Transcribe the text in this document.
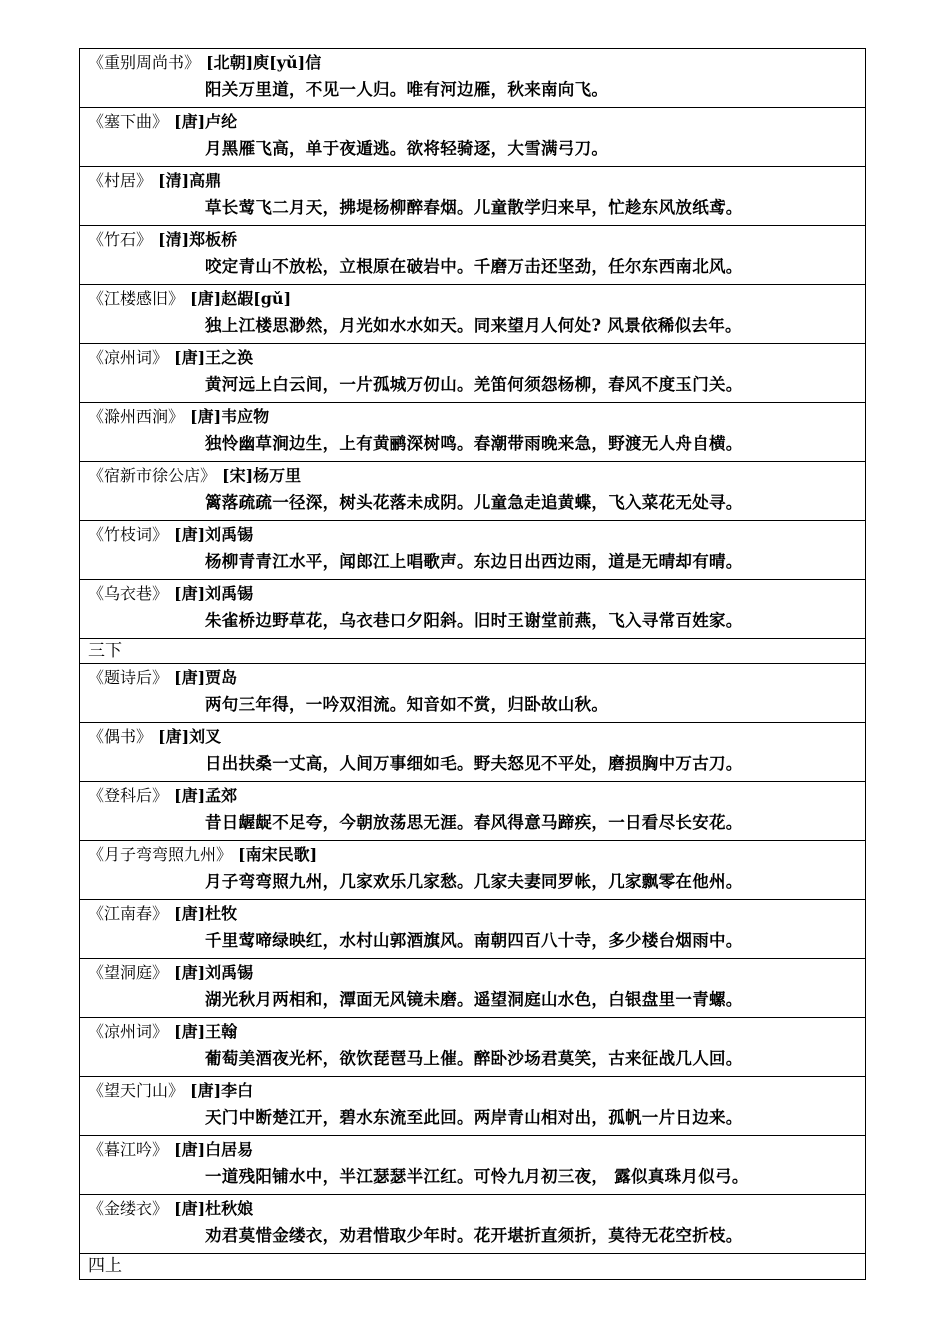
《重别周尚书》 [北朝]庾[yǔ]信
阳关万里道，不见一人归。唯有河边雁，秋来南向飞。
《塞下曲》 [唐]卢纶
月黑雁飞高，单于夜遁逃。欲将轻骑逐，大雪满弓刀。
《村居》 [清]高鼎
草长莺飞二月天，拂堤杨柳醉春烟。儿童散学归来早，忙趁东风放纸鸢。
《竹石》 [清]郑板桥
咬定青山不放松，立根原在破岩中。千磨万击还坚劲，任尔东西南北风。
《江楼感旧》 [唐]赵嘏[gǔ]
独上江楼思渺然，月光如水水如天。同来望月人何处? 风景依稀似去年。
《凉州词》 [唐]王之涣
黄河远上白云间，一片孤城万仞山。羌笛何须怨杨柳，春风不度玉门关。
《滁州西涧》 [唐]韦应物
独怜幽草涧边生，上有黄鹂深树鸣。春潮带雨晚来急，野渡无人舟自横。
《宿新市徐公店》 [宋]杨万里
篱落疏疏一径深，树头花落未成阴。儿童急走追黄蝶，飞入菜花无处寻。
《竹枝词》 [唐]刘禹锡
杨柳青青江水平，闻郎江上唱歌声。东边日出西边雨，道是无晴却有晴。
《乌衣巷》 [唐]刘禹锡
朱雀桥边野草花，乌衣巷口夕阳斜。旧时王谢堂前燕，飞入寻常百姓家。
三下
《题诗后》 [唐]贾岛
两句三年得，一吟双泪流。知音如不赏，归卧故山秋。
《偶书》 [唐]刘叉
日出扶桑一丈高，人间万事细如毛。野夫怒见不平处，磨损胸中万古刀。
《登科后》 [唐]孟郊
昔日龌龊不足夸，今朝放荡思无涯。春风得意马蹄疾，一日看尽长安花。
《月子弯弯照九州》 [南宋民歌]
月子弯弯照九州，几家欢乐几家愁。几家夫妻同罗帐，几家飘零在他州。
《江南春》 [唐]杜牧
千里莺啼绿映红，水村山郭酒旗风。南朝四百八十寺，多少楼台烟雨中。
《望洞庭》 [唐]刘禹锡
湖光秋月两相和，潭面无风镜未磨。遥望洞庭山水色，白银盘里一青螺。
《凉州词》 [唐]王翰
葡萄美酒夜光杯，欲饮琵琶马上催。醉卧沙场君莫笑，古来征战几人回。
《望天门山》 [唐]李白
天门中断楚江开，碧水东流至此回。两岸青山相对出，孤帆一片日边来。
《暮江吟》 [唐]白居易
一道残阳铺水中，半江瑟瑟半江红。可怜九月初三夜， 露似真珠月似弓。
《金缕衣》 [唐]杜秋娘
劝君莫惜金缕衣，劝君惜取少年时。花开堪折直须折，莫待无花空折枝。
四上
